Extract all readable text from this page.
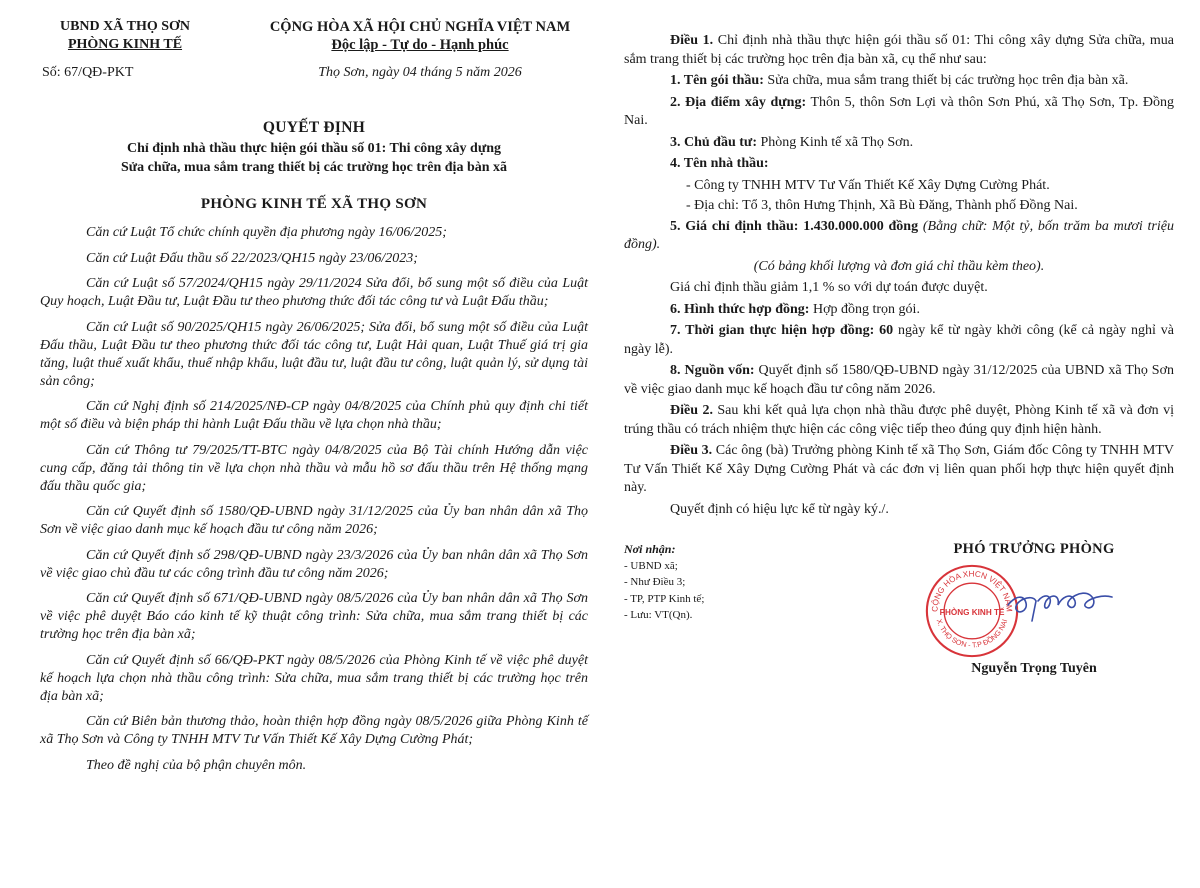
UBND XÃ THỌ SƠN
PHÒNG KINH TẾ
Số: 67/QĐ-PKT
CỘNG HÒA XÃ HỘI CHỦ NGHĨA VIỆT NAM
Độc lập - Tự do - Hạnh phúc
Thọ Sơn, ngày 04 tháng 5 năm 2026
QUYẾT ĐỊNH
Chỉ định nhà thầu thực hiện gói thầu số 01: Thi công xây dựng
Sửa chữa, mua sắm trang thiết bị các trường học trên địa bàn xã
PHÒNG KINH TẾ XÃ THỌ SƠN

Căn cứ Luật Tổ chức chính quyền địa phương ngày 16/06/2025;

Căn cứ Luật Đấu thầu số 22/2023/QH15 ngày 23/06/2023;

Căn cứ Luật số 57/2024/QH15 ngày 29/11/2024 Sửa đổi, bổ sung một số điều của Luật Quy hoạch, Luật Đầu tư, Luật Đầu tư theo phương thức đối tác công tư và Luật Đấu thầu;

Căn cứ Luật số 90/2025/QH15 ngày 26/06/2025; Sửa đổi, bổ sung một số điều của Luật Đấu thầu, Luật Đầu tư theo phương thức đối tác công tư, Luật Hải quan, Luật Thuế giá trị gia tăng, luật thuế xuất khẩu, thuế nhập khẩu, luật đầu tư, luật đầu tư công, luật quản lý, sử dụng tài sản công;

Căn cứ Nghị định số 214/2025/NĐ-CP ngày 04/8/2025 của Chính phủ quy định chi tiết một số điều và biện pháp thi hành Luật Đấu thầu về lựa chọn nhà thầu;

Căn cứ Thông tư 79/2025/TT-BTC ngày 04/8/2025 của Bộ Tài chính Hướng dẫn việc cung cấp, đăng tải thông tin về lựa chọn nhà thầu và mẫu hồ sơ đấu thầu trên Hệ thống mạng đấu thầu quốc gia;

Căn cứ Quyết định số 1580/QĐ-UBND ngày 31/12/2025 của Ủy ban nhân dân xã Thọ Sơn về việc giao danh mục kế hoạch đầu tư công năm 2026;

Căn cứ Quyết định số 298/QĐ-UBND ngày 23/3/2026 của Ủy ban nhân dân xã Thọ Sơn về việc giao chủ đầu tư các công trình đầu tư công năm 2026;

Căn cứ Quyết định số 671/QĐ-UBND ngày 08/5/2026 của Ủy ban nhân dân xã Thọ Sơn về việc phê duyệt Báo cáo kinh tế kỹ thuật công trình: Sửa chữa, mua sắm trang thiết bị các trường học trên địa bàn xã;

Căn cứ Quyết định số 66/QĐ-PKT ngày 08/5/2026 của Phòng Kinh tế về việc phê duyệt kế hoạch lựa chọn nhà thầu công trình: Sửa chữa, mua sắm trang thiết bị các trường học trên địa bàn xã;

Căn cứ Biên bản thương thảo, hoàn thiện hợp đồng ngày 08/5/2026 giữa Phòng Kinh tế xã Thọ Sơn và Công ty TNHH MTV Tư Vấn Thiết Kế Xây Dựng Cường Phát;

Theo đề nghị của bộ phận chuyên môn.

Điều 1. Chỉ định nhà thầu thực hiện gói thầu số 01: Thi công xây dựng Sửa chữa, mua sắm trang thiết bị các trường học trên địa bàn xã, cụ thể như sau:

1. Tên gói thầu: Sửa chữa, mua sắm trang thiết bị các trường học trên địa bàn xã.

2. Địa điểm xây dựng: Thôn 5, thôn Sơn Lợi và thôn Sơn Phú, xã Thọ Sơn, Tp. Đồng Nai.

3. Chủ đầu tư: Phòng Kinh tế xã Thọ Sơn.

4. Tên nhà thầu:

- Công ty TNHH MTV Tư Vấn Thiết Kế Xây Dựng Cường Phát.

- Địa chỉ: Tổ 3, thôn Hưng Thịnh, Xã Bù Đăng, Thành phố Đồng Nai.

5. Giá chỉ định thầu: 1.430.000.000 đồng (Bằng chữ: Một tỷ, bốn trăm ba mươi triệu đồng).

(Có bảng khối lượng và đơn giá chỉ thầu kèm theo).

Giá chỉ định thầu giảm 1,1 % so với dự toán được duyệt.

6. Hình thức hợp đồng: Hợp đồng trọn gói.

7. Thời gian thực hiện hợp đồng: 60 ngày kể từ ngày khởi công (kể cả ngày nghỉ và ngày lễ).

8. Nguồn vốn: Quyết định số 1580/QĐ-UBND ngày 31/12/2025 của UBND xã Thọ Sơn về việc giao danh mục kế hoạch đầu tư công năm 2026.

Điều 2. Sau khi kết quả lựa chọn nhà thầu được phê duyệt, Phòng Kinh tế xã và đơn vị trúng thầu có trách nhiệm thực hiện các công việc tiếp theo đúng quy định hiện hành.

Điều 3. Các ông (bà) Trưởng phòng Kinh tế xã Thọ Sơn, Giám đốc Công ty TNHH MTV Tư Vấn Thiết Kế Xây Dựng Cường Phát và các đơn vị liên quan phối hợp thực hiện quyết định này.

Quyết định có hiệu lực kể từ ngày ký./.

Nơi nhận:
- UBND xã;
- Như Điều 3;
- TP, PTP Kinh tế;
- Lưu: VT(Qn).
PHÓ TRƯỞNG PHÒNG
Nguyễn Trọng Tuyên
CỘNG HÒA XHCN VIỆT NAM
X. THỌ SƠN - T.P ĐỒNG NAI
PHÒNG KINH TẾ
